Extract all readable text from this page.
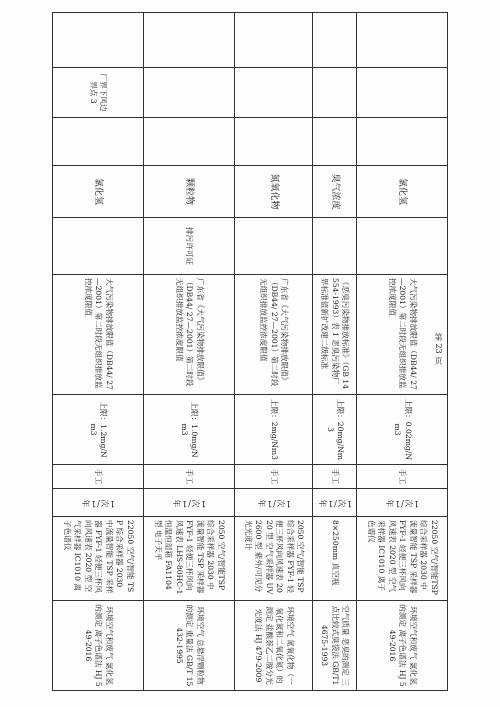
			氯化氢		大气污染物排放限值（DB44/ 27—2001）第二时段无组织排放监控浓度限值	上限：0.02mg/Nm3	手工	1次/1年	22050 空气/智能TSP综合采样器 2030 中流量智能 TSP 采样器 FYF-1 轻便三杯风向风速表 2020 型 空气采样器 IC1010 离子色谱仪	环境空气和废气 氯化氢的测定 离子色谱法 HJ 549-2016
			臭气浓度		《恶臭污染物排放标准》（GB 14554-1993）表 1 恶臭污染物厂界标准值新扩改建二级标准	上限：20mg/Nm3	手工	1次/1年	8×250mm 真空瓶	空气质量 恶臭的测定 三点比较式臭袋法 GB/T14675-1993
			氮氧化物		广东省《大气污染物排放限值》（DB44/ 27—2001）第二时段无组织排放监控浓度限值	上限：2mg/Nm3	手工	1次/1年	2050 空气/智能 TSP 综合采样器 FYF-1 轻便三杯风向风速表 2020 型 空气采样器 UV2600 型 紫外/可见分光光度计	环境空气 氮氧化物（一氧化氮和二氧化氮）的测定 盐酸萘乙二胺分光光度法 HJ 479-2009
			颗粒物	排污许可证	广东省《大气污染物排放限值》（DB44/ 27—2001）第二时段无组织排放监控浓度限值	上限：1.0mg/Nm3	手工	1次/1年	2050 空气/智能TSP综合采样器 2030 中流量智能 TSP 采样器 FYF-1 轻便三杯风向风速表 LHS-80HC-1 恒温恒湿箱 FA1104 型 电子天平	环境空气 总悬浮颗粒物的测定 重量法 GB/T 15432-1995
	厂界下风边界点 3		氯化氢		大气污染物排放限值（DB44/ 27—2001）第二时段无组织排放监控浓度限值	上限：1.2mg/Nm3	手工	1次/1年	22050 空气/智能 TSP 综合采样器 2030 中流量智能 TSP 采样器 FYF-1 轻便三杯风向风速表 2020 型 空气采样器 IC1010 离子色谱仪	环境空气和废气 氯化氢的测定 离子色谱法 HJ 549-2016
第 23 页
